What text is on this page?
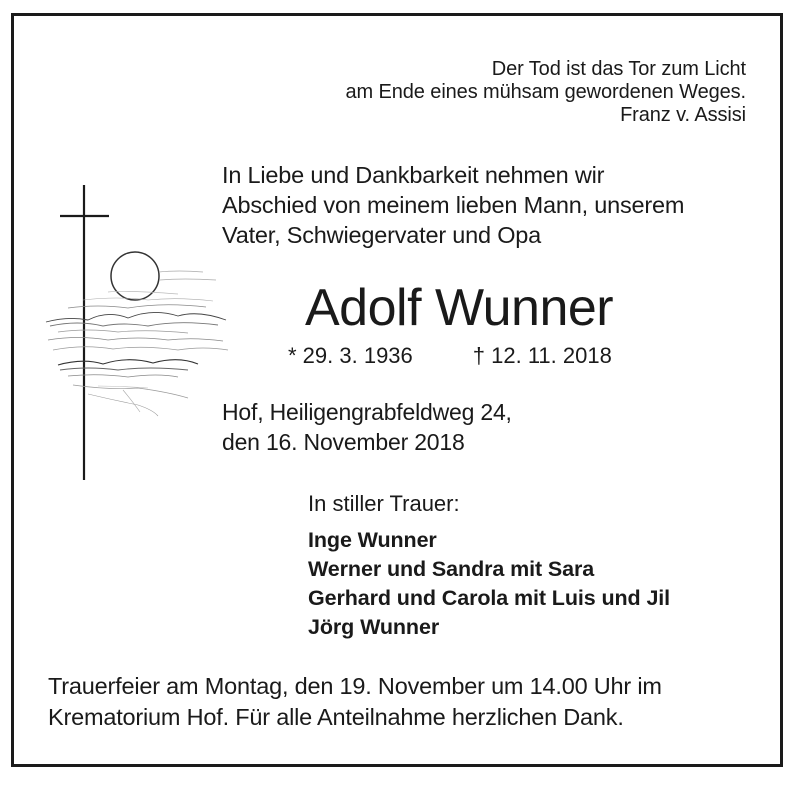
Der Tod ist das Tor zum Licht
am Ende eines mühsam gewordenen Weges.
Franz v. Assisi
In Liebe und Dankbarkeit nehmen wir
Abschied von meinem lieben Mann, unserem
Vater, Schwiegervater und Opa
Adolf Wunner
* 29. 3. 1936	† 12. 11. 2018
Hof, Heiligengrabfeldweg 24,
den 16. November 2018
In stiller Trauer:
Inge Wunner
Werner und Sandra mit Sara
Gerhard und Carola mit Luis und Jil
Jörg Wunner
Trauerfeier am Montag, den 19. November um 14.00 Uhr im
Krematorium Hof. Für alle Anteilnahme herzlichen Dank.
